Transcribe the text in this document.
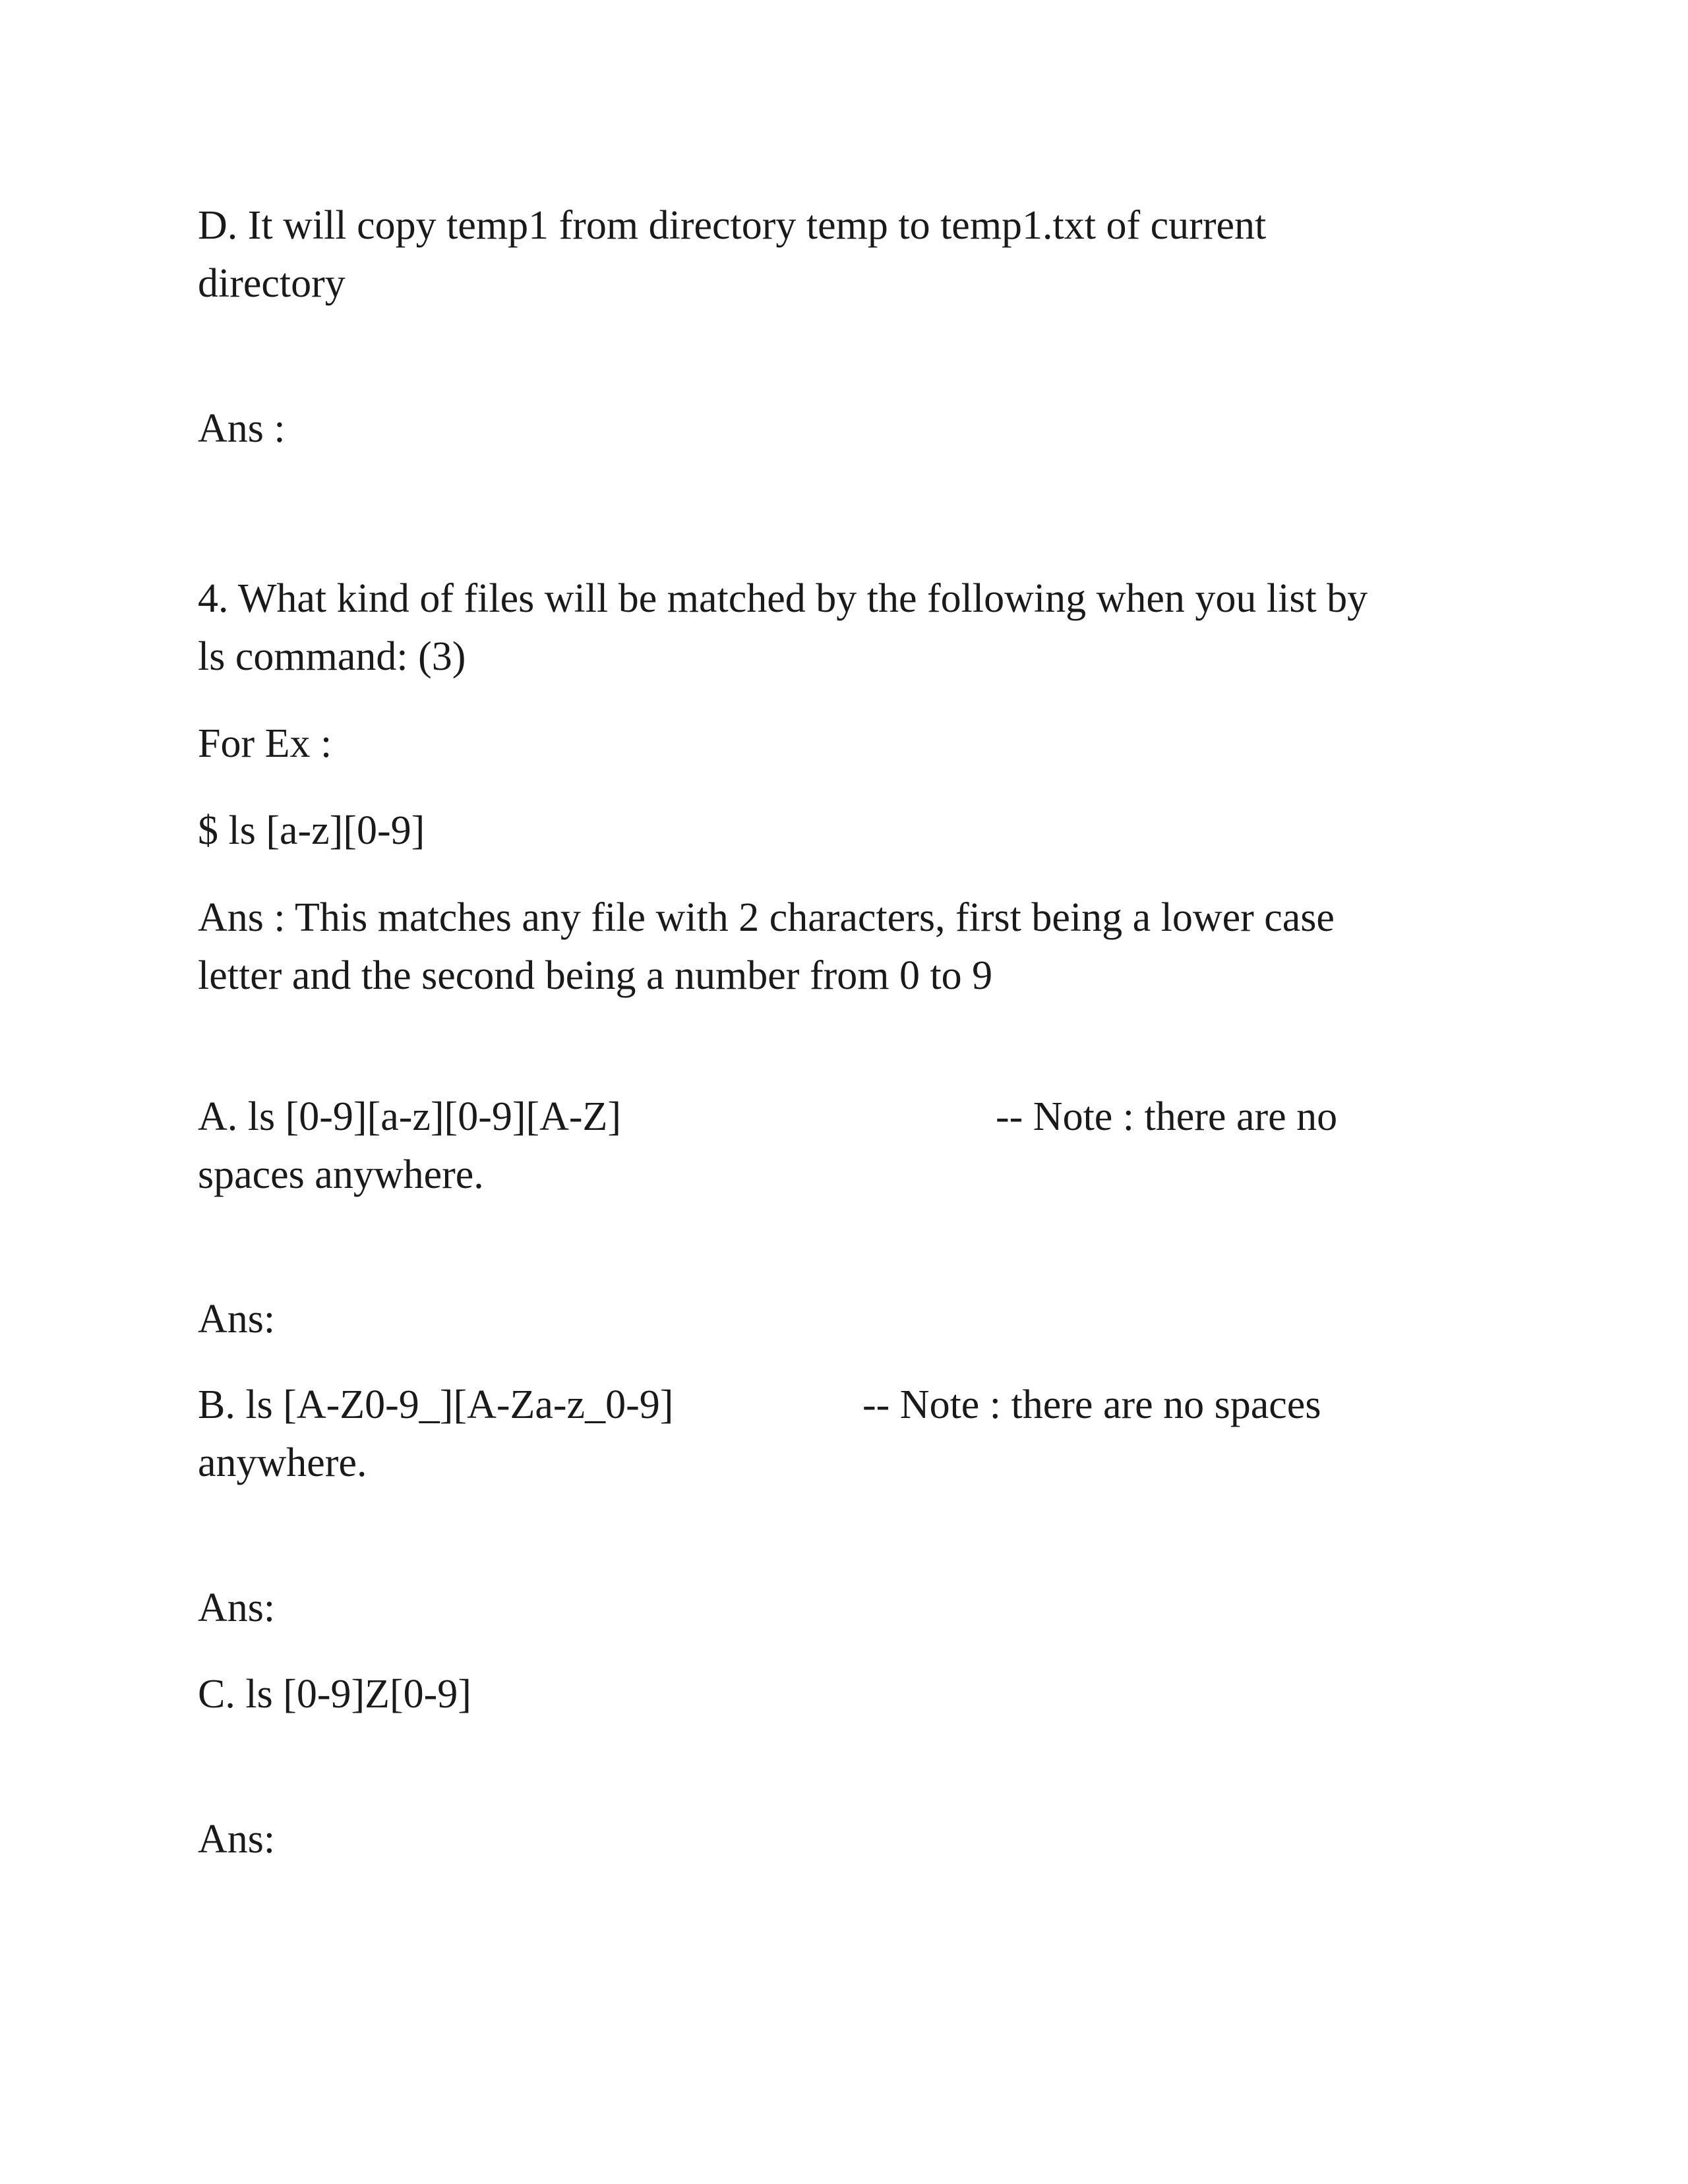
D. It will copy temp1 from directory temp to temp1.txt of current
directory
Ans :
4. What kind of files will be matched by the following when you list by
ls command: (3)
For Ex :
$ ls [a-z][0-9]
Ans : This matches any file with 2 characters, first being a lower case
letter and the second being a number from 0 to 9
A. ls [0-9][a-z][0-9][A-Z]	-- Note : there are no
spaces anywhere.
Ans:
B. ls [A-Z0-9_][A-Za-z_0-9]	-- Note : there are no spaces
anywhere.
Ans:
C. ls [0-9]Z[0-9]
Ans:
